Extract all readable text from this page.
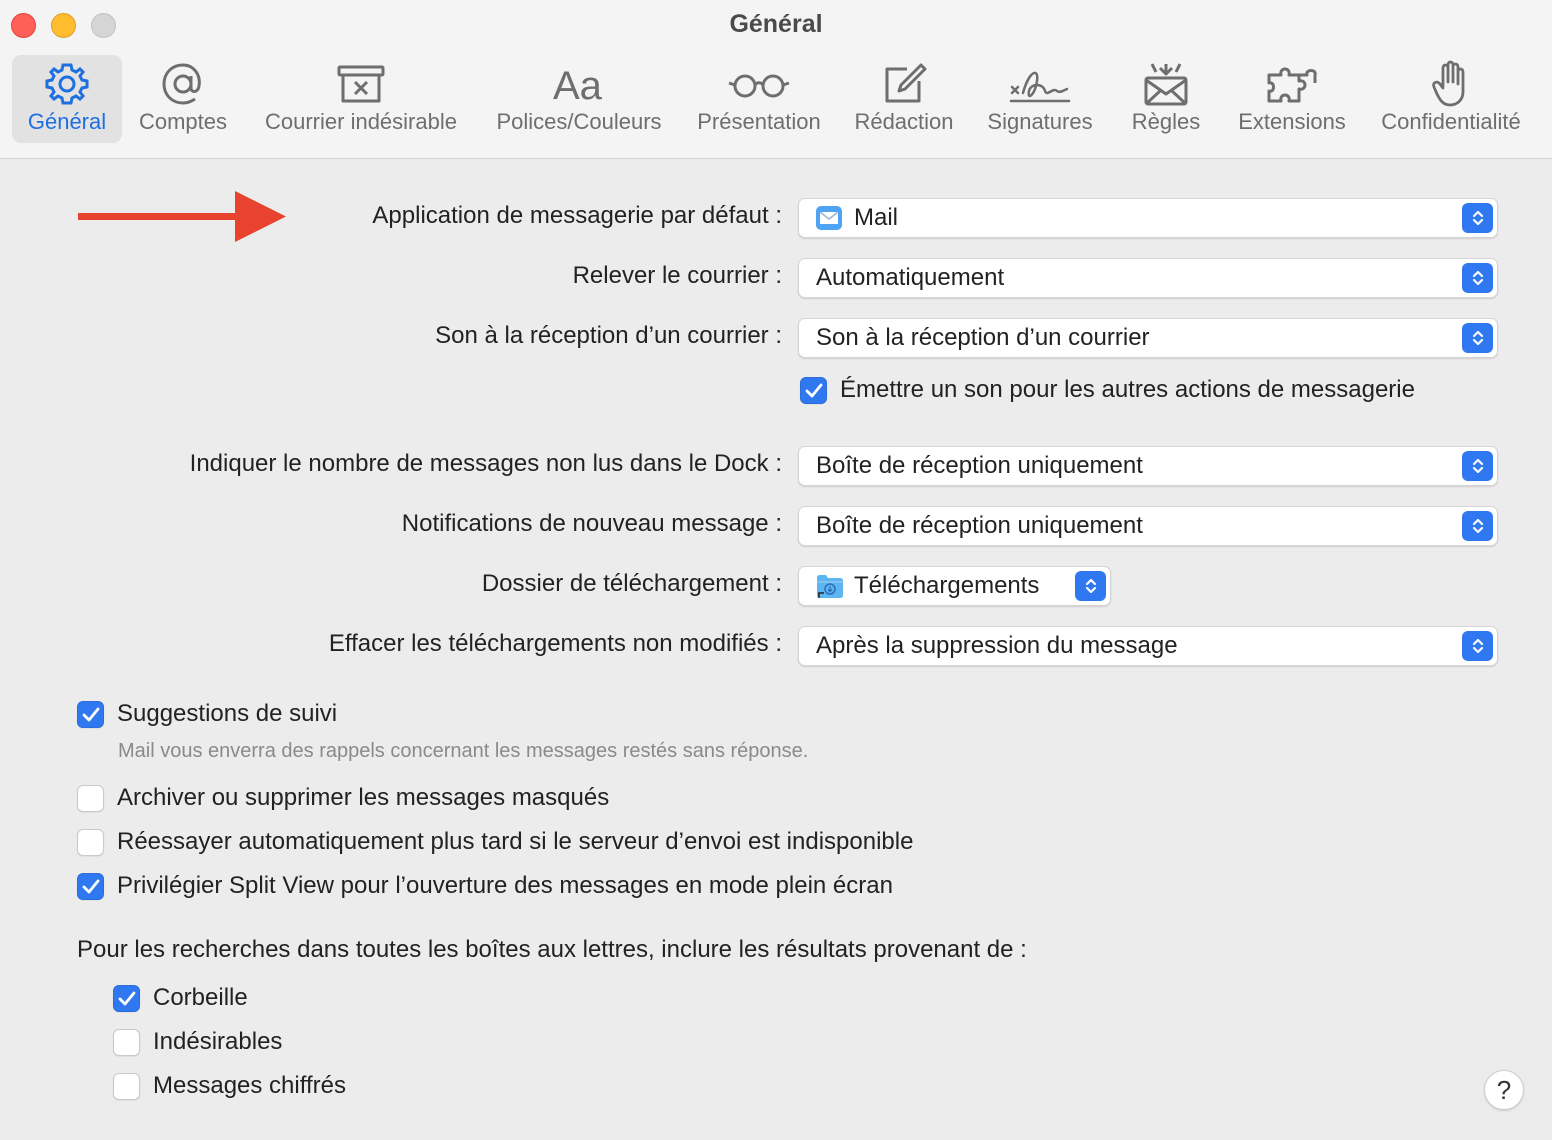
Général
Général Comptes Courrier indésirable
Aa
Polices/Couleurs Présentation Rédaction Signatures Règles Extensions Confidentialité
Application de messagerie par défaut :	Mail
Relever le courrier : Automatiquement
Son à la réception d’un courrier : Son à la réception d’un courrier
Émettre un son pour les autres actions de messagerie
Indiquer le nombre de messages non lus dans le Dock : Boîte de réception uniquement
Notifications de nouveau message : Boîte de réception uniquement
Dossier de téléchargement :	Téléchargements
Effacer les téléchargements non modifiés : Après la suppression du message
Suggestions de suivi
Mail vous enverra des rappels concernant les messages restés sans réponse.
Archiver ou supprimer les messages masqués
Réessayer automatiquement plus tard si le serveur d’envoi est indisponible
Privilégier Split View pour l’ouverture des messages en mode plein écran
Pour les recherches dans toutes les boîtes aux lettres, inclure les résultats provenant de :
Corbeille
Indésirables
Messages chiffrés	?
